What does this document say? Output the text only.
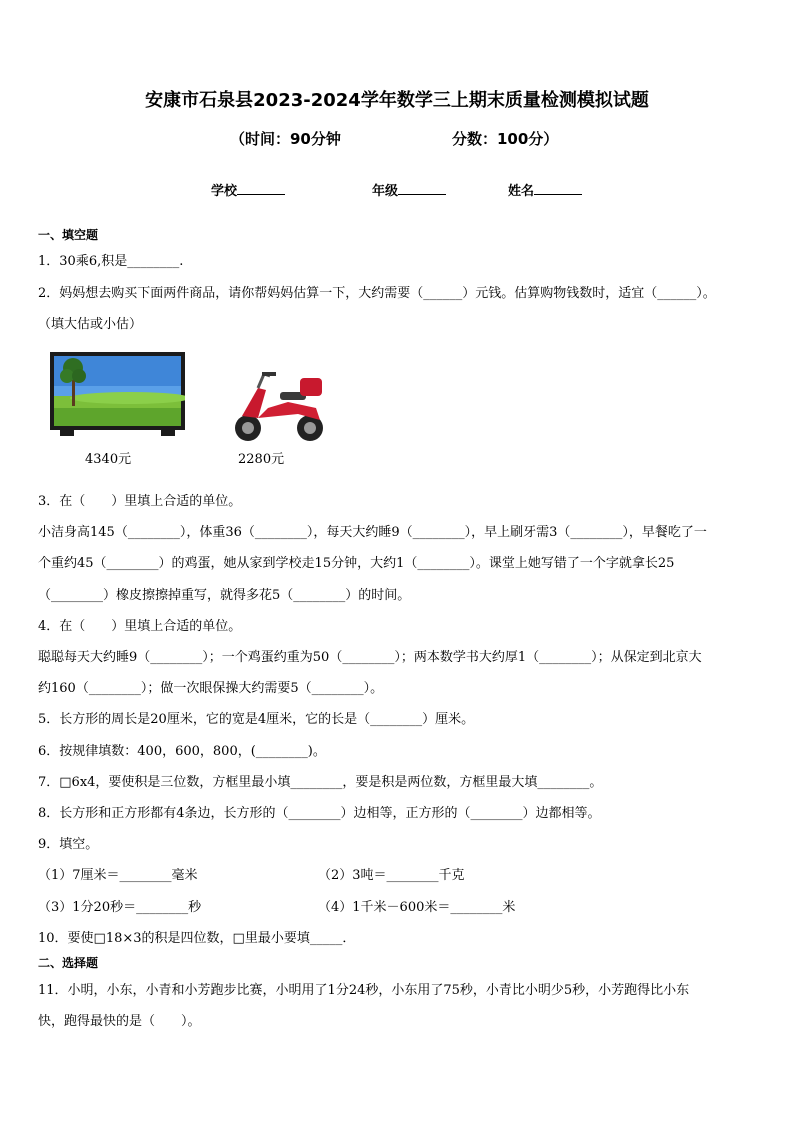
安康市石泉县2023-2024学年数学三上期末质量检测模拟试题
（时间：90分钟	分数：100分）
学校	年级	姓名
一、填空题
1．30乘6,积是________.
2．妈妈想去购买下面两件商品，请你帮妈妈估算一下，大约需要（______）元钱。估算购物钱数时，适宜（______）。
（填大估或小估）
4340元	2280元
3．在（　　）里填上合适的单位。
小洁身高145（________），体重36（________），每天大约睡9（________），早上刷牙需3（________），早餐吃了一
个重约45（________）的鸡蛋，她从家到学校走15分钟，大约1（________）。课堂上她写错了一个字就拿长25
（________）橡皮擦擦掉重写，就得多花5（________）的时间。
4．在（　　）里填上合适的单位。
聪聪每天大约睡9（________）；一个鸡蛋约重为50（________）；两本数学书大约厚1（________）；从保定到北京大
约160（________）；做一次眼保操大约需要5（________）。
5．长方形的周长是20厘米，它的宽是4厘米，它的长是（________）厘米。
6．按规律填数：400，600，800，(________)。
7．□6x4，要使积是三位数，方框里最小填________，要是积是两位数，方框里最大填________。
8．长方形和正方形都有4条边，长方形的（________）边相等，正方形的（________）边都相等。
9．填空。
（1）7厘米＝________毫米	（2）3吨＝________千克
（3）1分20秒＝________秒	（4）1千米－600米＝________米
10．要使□18×3的积是四位数，□里最小要填_____．
二、选择题
11．小明，小东，小青和小芳跑步比赛，小明用了1分24秒，小东用了75秒，小青比小明少5秒，小芳跑得比小东
快，跑得最快的是（　　）。
